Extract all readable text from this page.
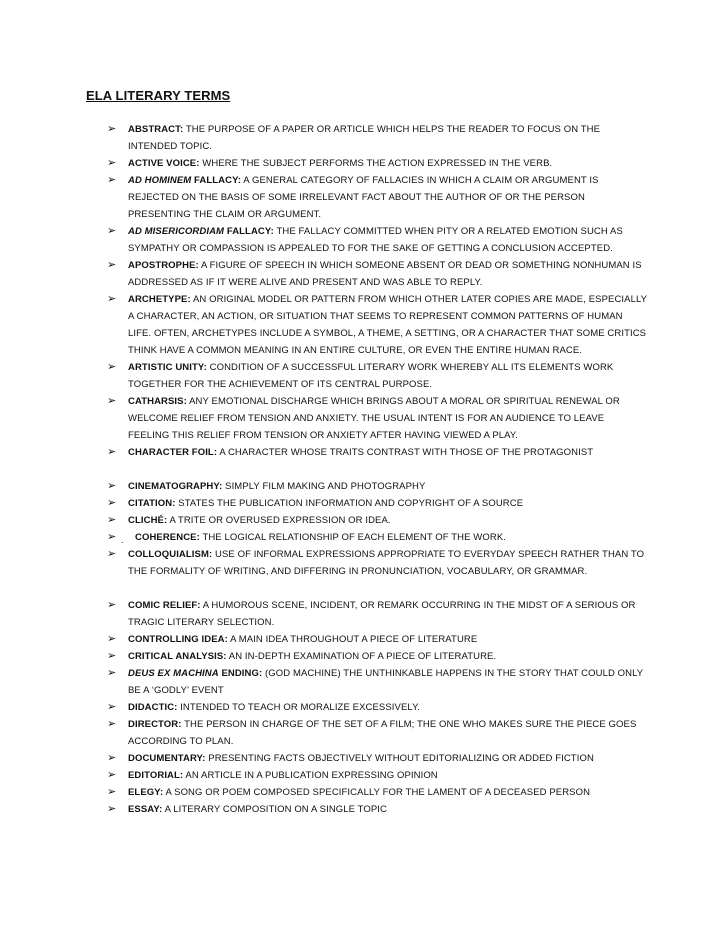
ELA LITERARY TERMS
➢ ABSTRACT: THE PURPOSE OF A PAPER OR ARTICLE WHICH HELPS THE READER TO FOCUS ON THE INTENDED TOPIC.
➢ ACTIVE VOICE: WHERE THE SUBJECT PERFORMS THE ACTION EXPRESSED IN THE VERB.
➢ AD HOMINEM FALLACY: A GENERAL CATEGORY OF FALLACIES IN WHICH A CLAIM OR ARGUMENT IS REJECTED ON THE BASIS OF SOME IRRELEVANT FACT ABOUT THE AUTHOR OF OR THE PERSON PRESENTING THE CLAIM OR ARGUMENT.
➢ AD MISERICORDIAM FALLACY: THE FALLACY COMMITTED WHEN PITY OR A RELATED EMOTION SUCH AS SYMPATHY OR COMPASSION IS APPEALED TO FOR THE SAKE OF GETTING A CONCLUSION ACCEPTED.
➢ APOSTROPHE: A FIGURE OF SPEECH IN WHICH SOMEONE ABSENT OR DEAD OR SOMETHING NONHUMAN IS ADDRESSED AS IF IT WERE ALIVE AND PRESENT AND WAS ABLE TO REPLY.
➢ ARCHETYPE: AN ORIGINAL MODEL OR PATTERN FROM WHICH OTHER LATER COPIES ARE MADE, ESPECIALLY A CHARACTER, AN ACTION, OR SITUATION THAT SEEMS TO REPRESENT COMMON PATTERNS OF HUMAN LIFE. OFTEN, ARCHETYPES INCLUDE A SYMBOL, A THEME, A SETTING, OR A CHARACTER THAT SOME CRITICS THINK HAVE A COMMON MEANING IN AN ENTIRE CULTURE, OR EVEN THE ENTIRE HUMAN RACE.
➢ ARTISTIC UNITY: CONDITION OF A SUCCESSFUL LITERARY WORK WHEREBY ALL ITS ELEMENTS WORK TOGETHER FOR THE ACHIEVEMENT OF ITS CENTRAL PURPOSE.
➢ CATHARSIS: ANY EMOTIONAL DISCHARGE WHICH BRINGS ABOUT A MORAL OR SPIRITUAL RENEWAL OR WELCOME RELIEF FROM TENSION AND ANXIETY. THE USUAL INTENT IS FOR AN AUDIENCE TO LEAVE FEELING THIS RELIEF FROM TENSION OR ANXIETY AFTER HAVING VIEWED A PLAY.
➢ CHARACTER FOIL: A CHARACTER WHOSE TRAITS CONTRAST WITH THOSE OF THE PROTAGONIST
➢ CINEMATOGRAPHY: SIMPLY FILM MAKING AND PHOTOGRAPHY
➢ CITATION: STATES THE PUBLICATION INFORMATION AND COPYRIGHT OF A SOURCE
➢ CLICHÉ: A TRITE OR OVERUSED EXPRESSION OR IDEA.
➢ . COHERENCE: THE LOGICAL RELATIONSHIP OF EACH ELEMENT OF THE WORK.
➢ COLLOQUIALISM: USE OF INFORMAL EXPRESSIONS APPROPRIATE TO EVERYDAY SPEECH RATHER THAN TO THE FORMALITY OF WRITING, AND DIFFERING IN PRONUNCIATION, VOCABULARY, OR GRAMMAR.
➢ COMIC RELIEF: A HUMOROUS SCENE, INCIDENT, OR REMARK OCCURRING IN THE MIDST OF A SERIOUS OR TRAGIC LITERARY SELECTION.
➢ CONTROLLING IDEA: A MAIN IDEA THROUGHOUT A PIECE OF LITERATURE
➢ CRITICAL ANALYSIS: AN IN-DEPTH EXAMINATION OF A PIECE OF LITERATURE.
➢ DEUS EX MACHINA ENDING: (GOD MACHINE) THE UNTHINKABLE HAPPENS IN THE STORY THAT COULD ONLY BE A ‘GODLY’ EVENT
➢ DIDACTIC: INTENDED TO TEACH OR MORALIZE EXCESSIVELY.
➢ DIRECTOR: THE PERSON IN CHARGE OF THE SET OF A FILM; THE ONE WHO MAKES SURE THE PIECE GOES ACCORDING TO PLAN.
➢ DOCUMENTARY: PRESENTING FACTS OBJECTIVELY WITHOUT EDITORIALIZING OR ADDED FICTION
➢ EDITORIAL: AN ARTICLE IN A PUBLICATION EXPRESSING OPINION
➢ ELEGY: A SONG OR POEM COMPOSED SPECIFICALLY FOR THE LAMENT OF A DECEASED PERSON
➢ ESSAY: A LITERARY COMPOSITION ON A SINGLE TOPIC
